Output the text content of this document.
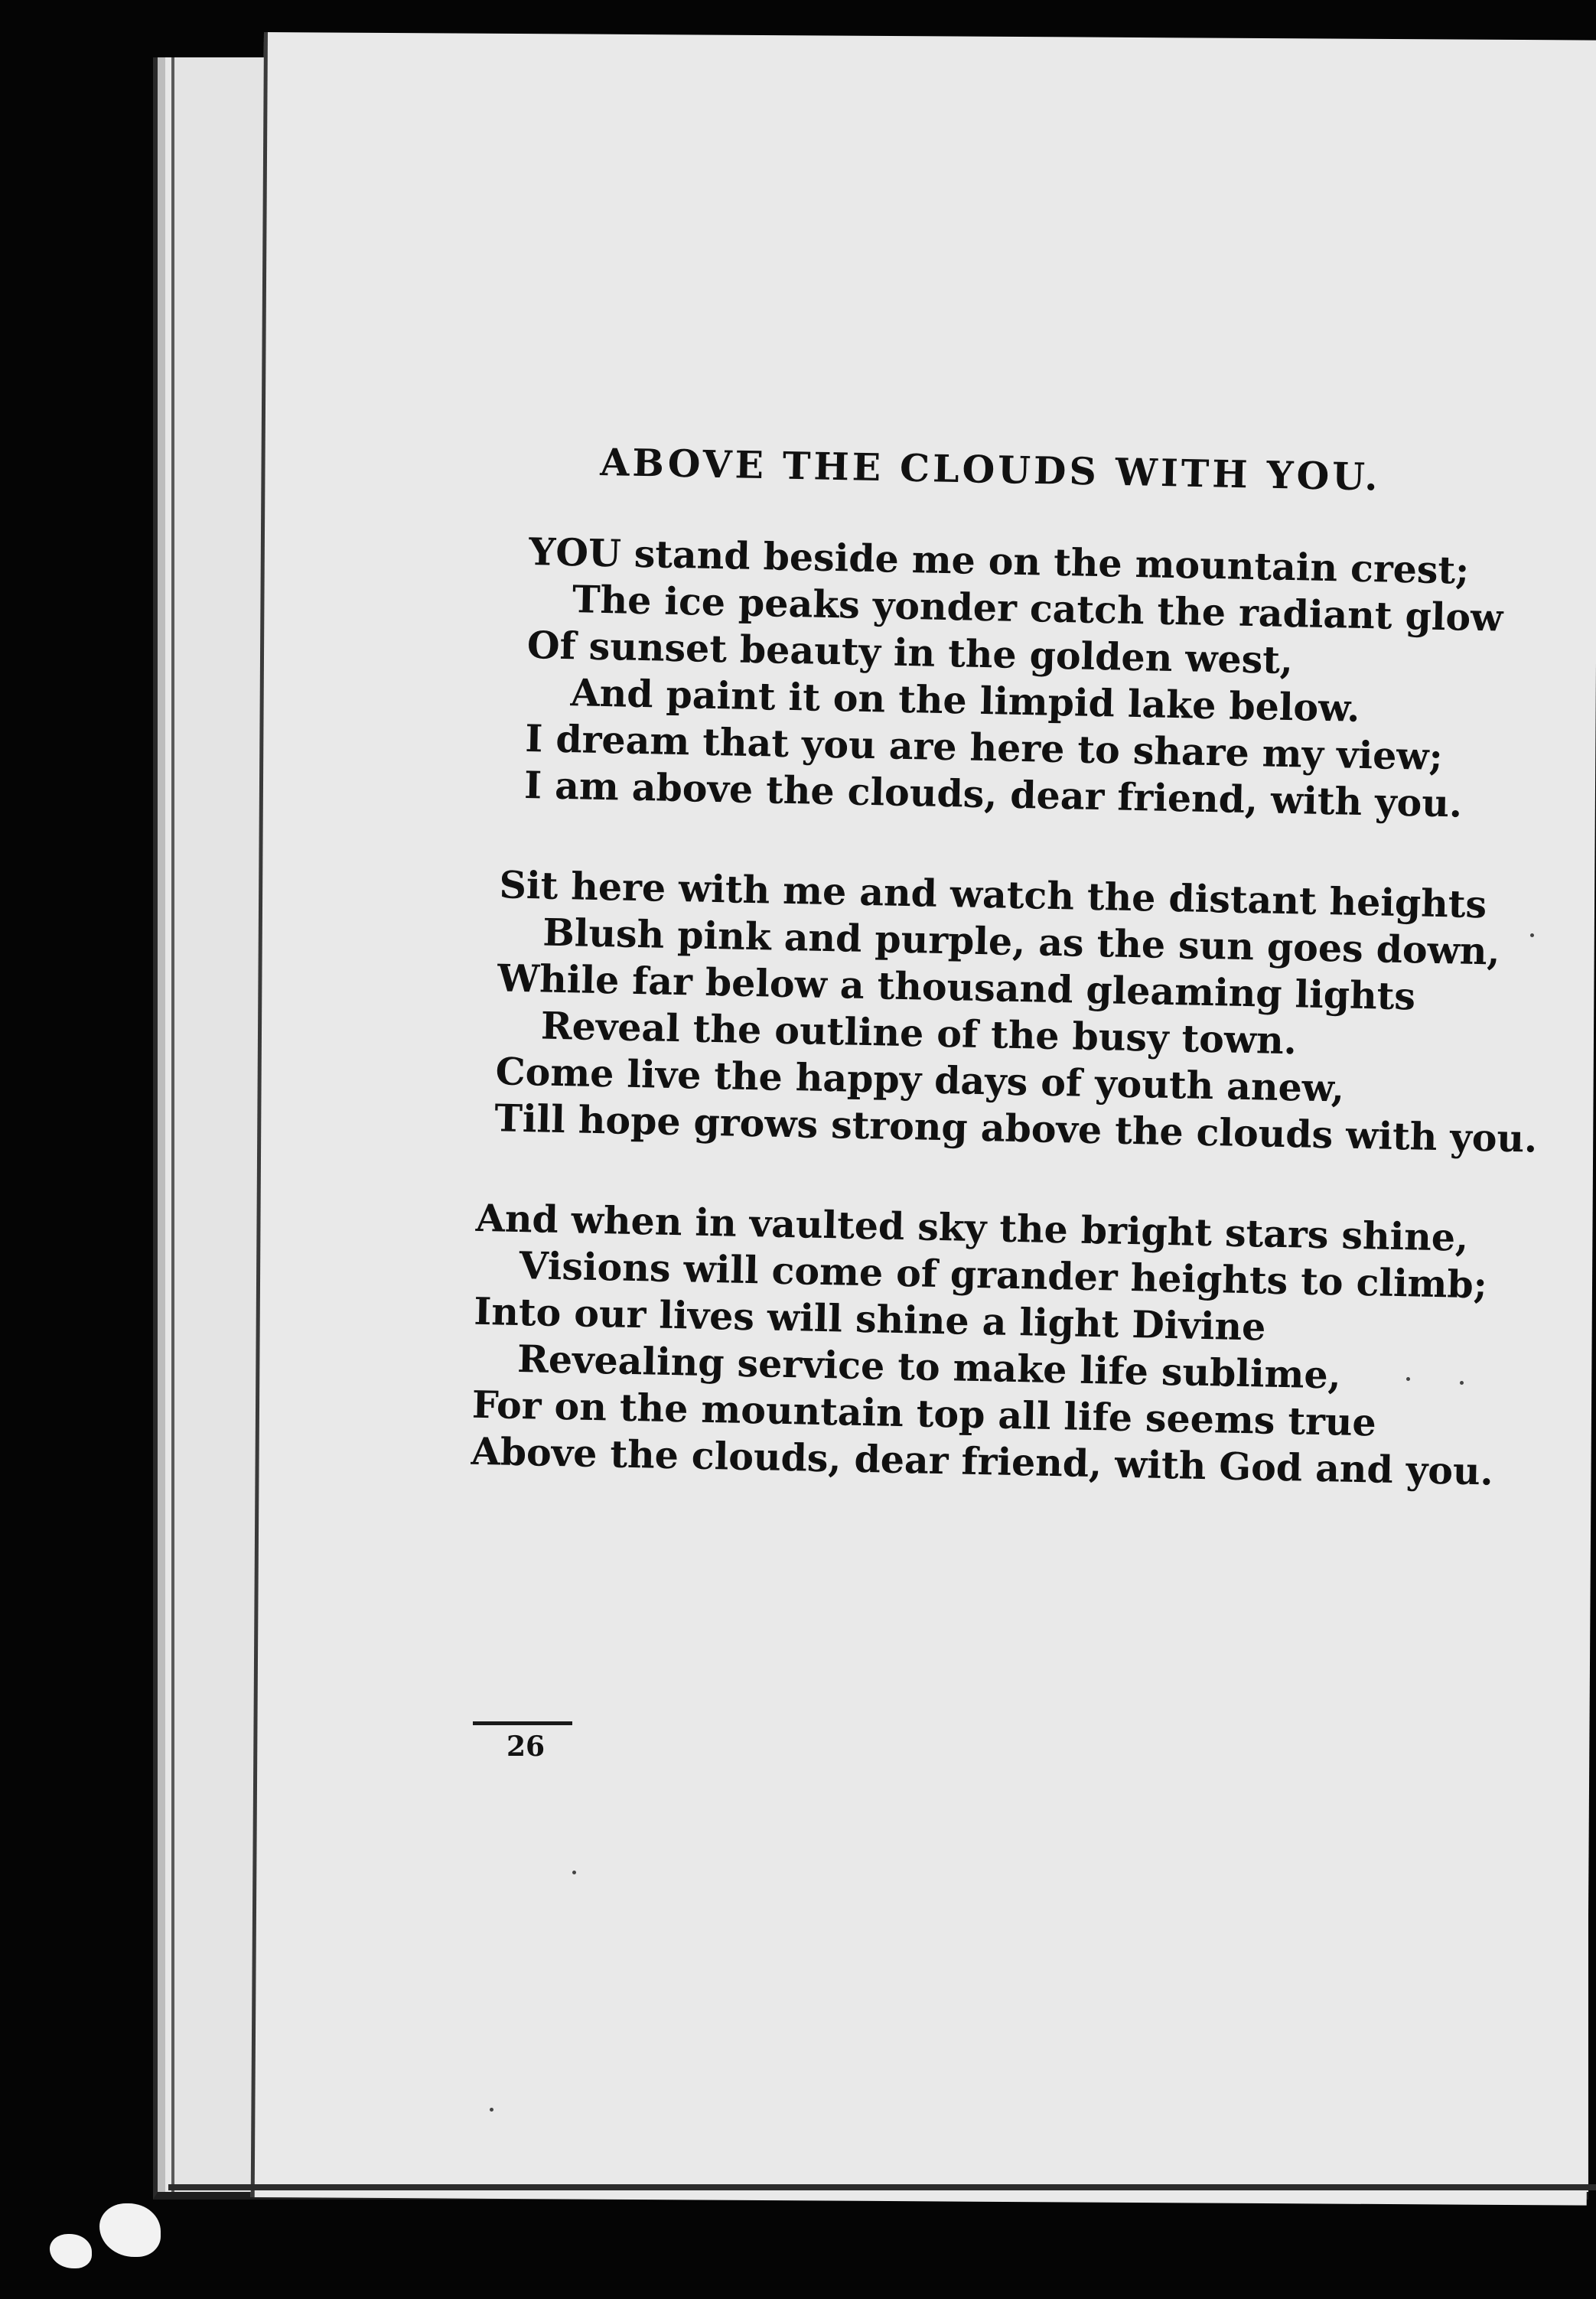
ABOVE THE CLOUDS WITH YOU.
YOU stand beside me on the mountain crest;
The ice peaks yonder catch the radiant glow
Of sunset beauty in the golden west,
And paint it on the limpid lake below.
I dream that you are here to share my view;
I am above the clouds, dear friend, with you.
Sit here with me and watch the distant heights
Blush pink and purple, as the sun goes down,
While far below a thousand gleaming lights
Reveal the outline of the busy town.
Come live the happy days of youth anew,
Till hope grows strong above the clouds with you.
And when in vaulted sky the bright stars shine,
Visions will come of grander heights to climb;
Into our lives will shine a light Divine
Revealing service to make life sublime,
For on the mountain top all life seems true
Above the clouds, dear friend, with God and you.
26
